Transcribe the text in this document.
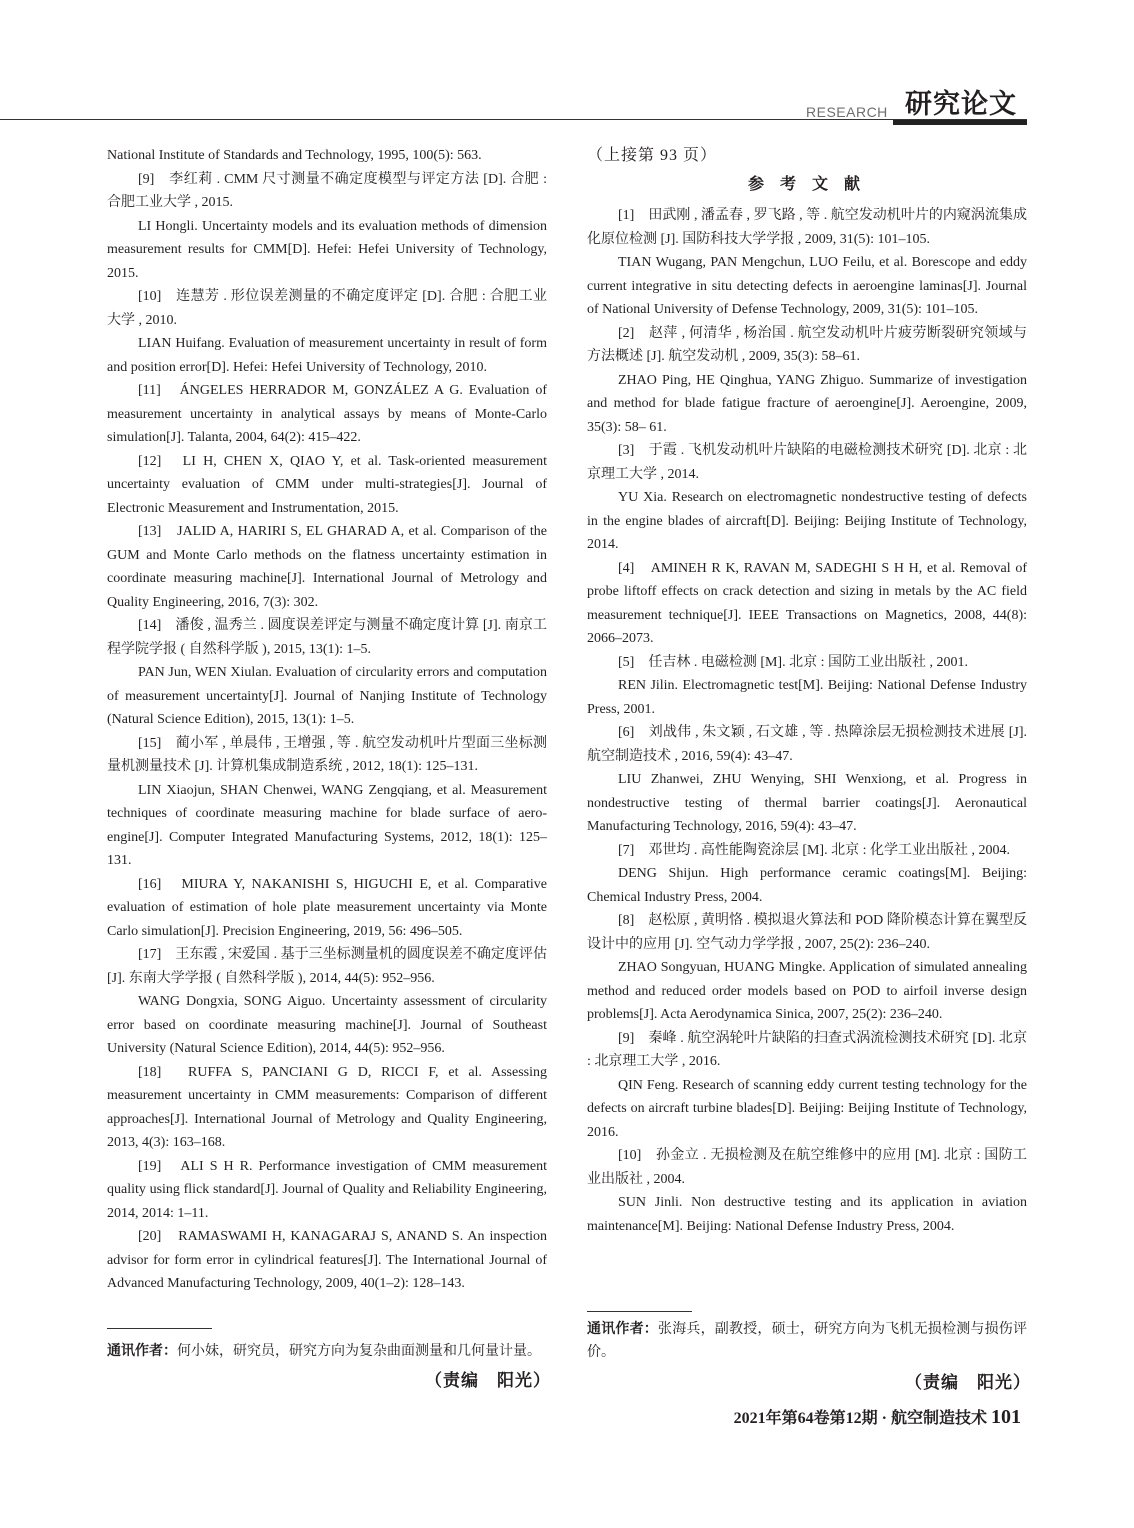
RESEARCH 研究论文

National Institute of Standards and Technology, 1995, 100(5): 563.

[9]　李红莉 . CMM 尺寸测量不确定度模型与评定方法 [D]. 合肥 : 合肥工业大学 , 2015.

LI Hongli. Uncertainty models and its evaluation methods of dimension measurement results for CMM[D]. Hefei: Hefei University of Technology, 2015.

[10]　连慧芳 . 形位误差测量的不确定度评定 [D]. 合肥 : 合肥工业大学 , 2010.

LIAN Huifang. Evaluation of measurement uncertainty in result of form and position error[D]. Hefei: Hefei University of Technology, 2010.

[11]　ÁNGELES HERRADOR M, GONZÁLEZ A G. Evaluation of measurement uncertainty in analytical assays by means of Monte-Carlo simulation[J]. Talanta, 2004, 64(2): 415–422.

[12]　LI H, CHEN X, QIAO Y, et al. Task-oriented measurement uncertainty evaluation of CMM under multi-strategies[J]. Journal of Electronic Measurement and Instrumentation, 2015.

[13]　JALID A, HARIRI S, EL GHARAD A, et al. Comparison of the GUM and Monte Carlo methods on the flatness uncertainty estimation in coordinate measuring machine[J]. International Journal of Metrology and Quality Engineering, 2016, 7(3): 302.

[14]　潘俊 , 温秀兰 . 圆度误差评定与测量不确定度计算 [J]. 南京工程学院学报 ( 自然科学版 ), 2015, 13(1): 1–5.

PAN Jun, WEN Xiulan. Evaluation of circularity errors and computation of measurement uncertainty[J]. Journal of Nanjing Institute of Technology (Natural Science Edition), 2015, 13(1): 1–5.

[15]　蔺小军 , 单晨伟 , 王增强 , 等 . 航空发动机叶片型面三坐标测量机测量技术 [J]. 计算机集成制造系统 , 2012, 18(1): 125–131.

LIN Xiaojun, SHAN Chenwei, WANG Zengqiang, et al. Measurement techniques of coordinate measuring machine for blade surface of aero-engine[J]. Computer Integrated Manufacturing Systems, 2012, 18(1): 125–131.

[16]　MIURA Y, NAKANISHI S, HIGUCHI E, et al. Comparative evaluation of estimation of hole plate measurement uncertainty via Monte Carlo simulation[J]. Precision Engineering, 2019, 56: 496–505.

[17]　王东霞 , 宋爱国 . 基于三坐标测量机的圆度误差不确定度评估 [J]. 东南大学学报 ( 自然科学版 ), 2014, 44(5): 952–956.

WANG Dongxia, SONG Aiguo. Uncertainty assessment of circularity error based on coordinate measuring machine[J]. Journal of Southeast University (Natural Science Edition), 2014, 44(5): 952–956.

[18]　RUFFA S, PANCIANI G D, RICCI F, et al. Assessing measurement uncertainty in CMM measurements: Comparison of different approaches[J]. International Journal of Metrology and Quality Engineering, 2013, 4(3): 163–168.

[19]　ALI S H R. Performance investigation of CMM measurement quality using flick standard[J]. Journal of Quality and Reliability Engineering, 2014, 2014: 1–11.

[20]　RAMASWAMI H, KANAGARAJ S, ANAND S. An inspection advisor for form error in cylindrical features[J]. The International Journal of Advanced Manufacturing Technology, 2009, 40(1–2): 128–143.

（上接第 93 页）

参 考 文 献

[1]　田武刚 , 潘孟春 , 罗飞路 , 等 . 航空发动机叶片的内窥涡流集成化原位检测 [J]. 国防科技大学学报 , 2009, 31(5): 101–105.

TIAN Wugang, PAN Mengchun, LUO Feilu, et al. Borescope and eddy current integrative in situ detecting defects in aeroengine laminas[J]. Journal of National University of Defense Technology, 2009, 31(5): 101–105.

[2]　赵萍 , 何清华 , 杨治国 . 航空发动机叶片疲劳断裂研究领域与方法概述 [J]. 航空发动机 , 2009, 35(3): 58–61.

ZHAO Ping, HE Qinghua, YANG Zhiguo. Summarize of investigation and method for blade fatigue fracture of aeroengine[J]. Aeroengine, 2009, 35(3): 58– 61.

[3]　于霞 . 飞机发动机叶片缺陷的电磁检测技术研究 [D]. 北京 : 北京理工大学 , 2014.

YU Xia. Research on electromagnetic nondestructive testing of defects in the engine blades of aircraft[D]. Beijing: Beijing Institute of Technology, 2014.

[4]　AMINEH R K, RAVAN M, SADEGHI S H H, et al. Removal of probe liftoff effects on crack detection and sizing in metals by the AC field measurement technique[J]. IEEE Transactions on Magnetics, 2008, 44(8): 2066–2073.

[5]　任吉林 . 电磁检测 [M]. 北京 : 国防工业出版社 , 2001.

REN Jilin. Electromagnetic test[M]. Beijing: National Defense Industry Press, 2001.

[6]　刘战伟 , 朱文颖 , 石文雄 , 等 . 热障涂层无损检测技术进展 [J]. 航空制造技术 , 2016, 59(4): 43–47.

LIU Zhanwei, ZHU Wenying, SHI Wenxiong, et al. Progress in nondestructive testing of thermal barrier coatings[J]. Aeronautical Manufacturing Technology, 2016, 59(4): 43–47.

[7]　邓世均 . 高性能陶瓷涂层 [M]. 北京 : 化学工业出版社 , 2004.

DENG Shijun. High performance ceramic coatings[M]. Beijing: Chemical Industry Press, 2004.

[8]　赵松原 , 黄明恪 . 模拟退火算法和 POD 降阶模态计算在翼型反设计中的应用 [J]. 空气动力学学报 , 2007, 25(2): 236–240.

ZHAO Songyuan, HUANG Mingke. Application of simulated annealing method and reduced order models based on POD to airfoil inverse design problems[J]. Acta Aerodynamica Sinica, 2007, 25(2): 236–240.

[9]　秦峰 . 航空涡轮叶片缺陷的扫查式涡流检测技术研究 [D]. 北京 : 北京理工大学 , 2016.

QIN Feng. Research of scanning eddy current testing technology for the defects on aircraft turbine blades[D]. Beijing: Beijing Institute of Technology, 2016.

[10]　孙金立 . 无损检测及在航空维修中的应用 [M]. 北京 : 国防工业出版社 , 2004.

SUN Jinli. Non destructive testing and its application in aviation maintenance[M]. Beijing: National Defense Industry Press, 2004.

通讯作者：何小妹，研究员，研究方向为复杂曲面测量和几何量计量。
（责编　阳光）
通讯作者：张海兵，副教授，硕士，研究方向为飞机无损检测与损伤评价。
（责编　阳光）
2021年第64卷第12期 · 航空制造技术 101
